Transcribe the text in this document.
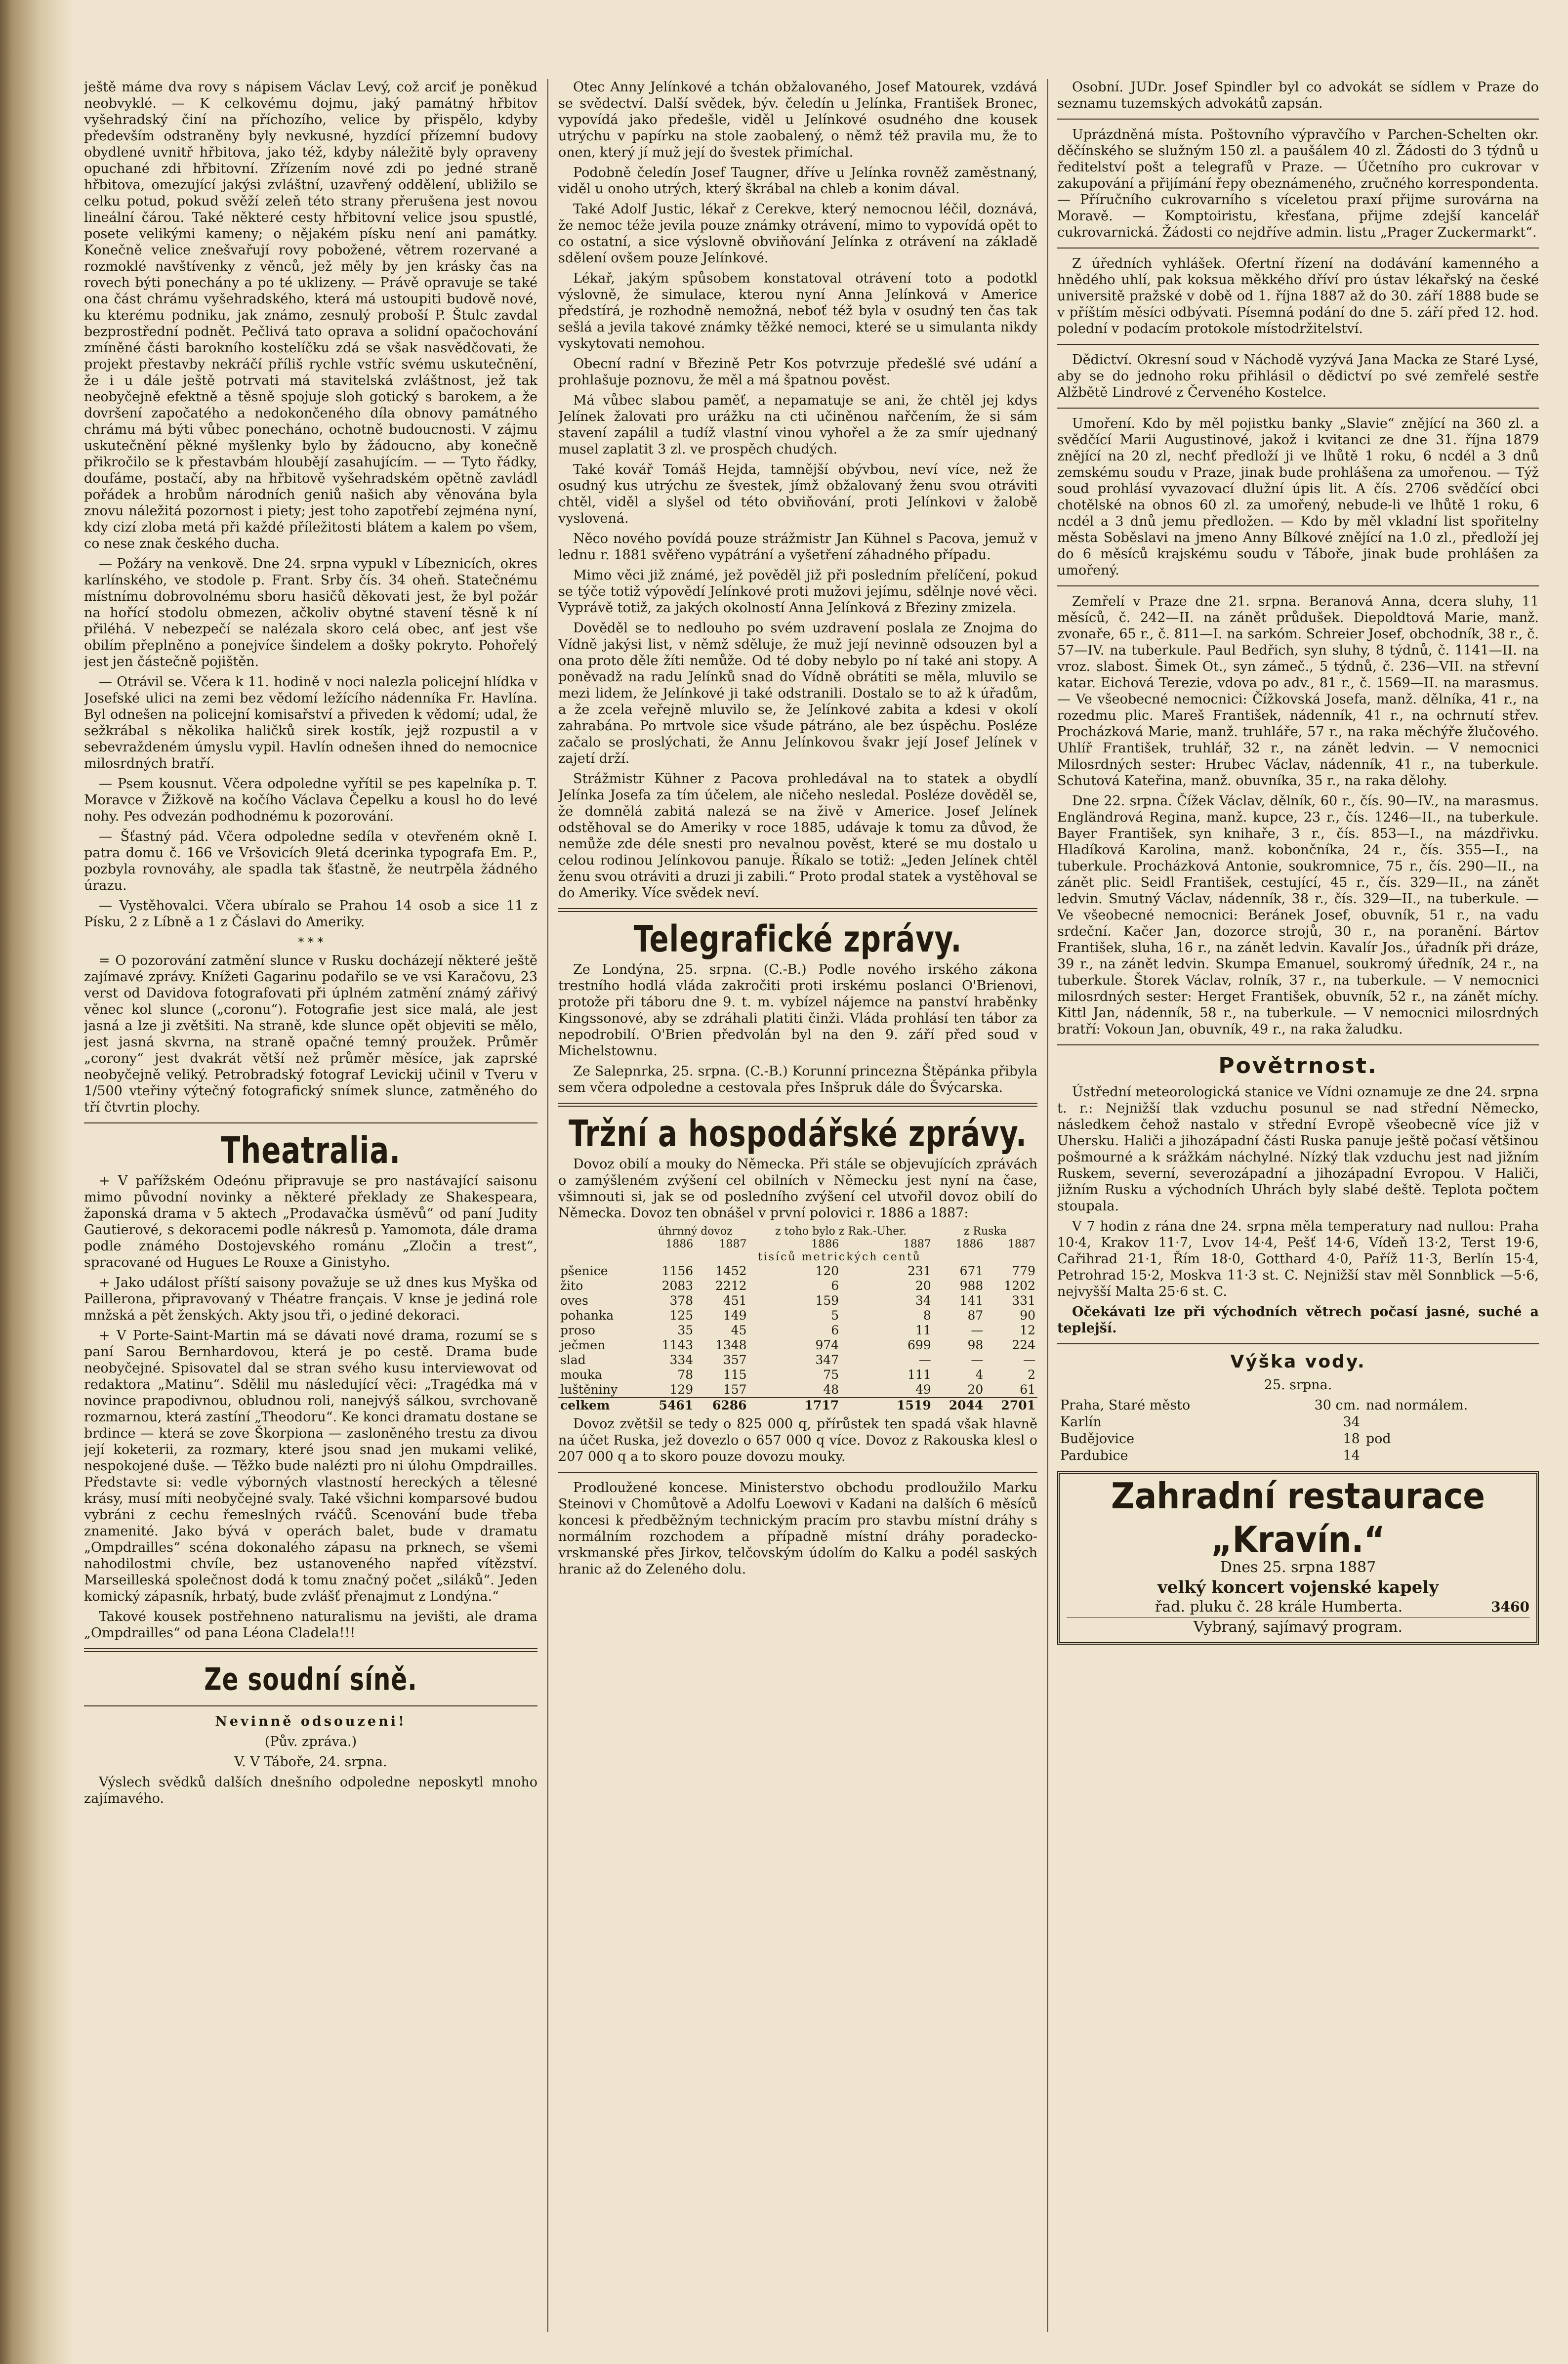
ještě máme dva rovy s nápisem Václav Levý, což arciť je poněkud neobvyklé. — K celkovému dojmu, jaký památný hřbitov vyšehradský činí na příchozího, velice by přispělo, kdyby především odstraněny byly nevkusné, hyzdící přízemní budovy obydlené uvnitř hřbitova, jako též, kdyby náležitě byly opraveny opuchané zdi hřbitovní. Zřízením nové zdi po jedné straně hřbitova, omezující jakýsi zvláštní, uzavřený oddělení, ubližilo se celku potud, pokud svěží zeleň této strany přerušena jest novou lineální čárou. Také některé cesty hřbitovní velice jsou spustlé, posete velikými kameny; o nějakém písku není ani památky. Konečně velice znešvařují rovy pobožené, větrem rozervané a rozmoklé navštívenky z věnců, jež měly by jen krásky čas na rovech býti ponechány a po té uklizeny. — Právě opravuje se také ona část chrámu vyšehradského, která má ustoupiti budově nové, ku kterému podniku, jak známo, zesnulý proboší P. Štulc zavdal bezprostřední podnět. Pečlivá tato oprava a solidní opačochování zmíněné části barokního kostelíčku zdá se však nasvědčovati, že projekt přestavby nekráčí příliš rychle vstříc svému uskutečnění, že i u dále ještě potrvati má stavitelská zvláštnost, jež tak neobyčejně efektně a těsně spojuje sloh gotický s barokem, a že dovršení započatého a nedokončeného díla obnovy památného chrámu má býti vůbec ponecháno, ochotně budoucnosti. V zájmu uskutečnění pěkné myšlenky bylo by žádoucno, aby konečně přikročilo se k přestavbám hloubějí zasahujícím. — — Tyto řádky, doufáme, postačí, aby na hřbitově vyšehradském opětně zavládl pořádek a hrobům národních geniů našich aby věnována byla znovu náležitá pozornost i piety; jest toho zapotřebí zejména nyní, kdy cizí zloba metá při každé příležitosti blátem a kalem po všem, co nese znak českého ducha.

— Požáry na venkově. Dne 24. srpna vypukl v Líbeznicích, okres karlínského, ve stodole p. Frant. Srby čís. 34 oheň. Statečnému místnímu dobrovolnému sboru hasičů děkovati jest, že byl požár na hořící stodolu obmezen, ačkoliv obytné stavení těsně k ní přiléhá. V nebezpečí se nalézala skoro celá obec, anť jest vše obilím přeplněno a ponejvíce šindelem a došky pokryto. Pohořelý jest jen částečně pojištěn.

— Otrávil se. Včera k 11. hodině v noci nalezla policejní hlídka v Josefské ulici na zemi bez vědomí ležícího nádenníka Fr. Havlína. Byl odnešen na policejní komisařství a přiveden k vědomí; udal, že sežkrábal s několika haličků sirek kostík, jejž rozpustil a v sebevraždeném úmyslu vypil. Havlín odnešen ihned do nemocnice milosrdných bratří.

— Psem kousnut. Včera odpoledne vyřítil se pes kapelníka p. T. Moravce v Žižkově na kočího Václava Čepelku a kousl ho do levé nohy. Pes odvezán podhodnému k pozorování.

— Šťastný pád. Včera odpoledne sedíla v otevřeném okně I. patra domu č. 166 ve Vršovicích 9letá dcerinka typografa Em. P., pozbyla rovnováhy, ale spadla tak šťastně, že neutrpěla žádného úrazu.

— Vystěhovalci. Včera ubíralo se Prahou 14 osob a sice 11 z Písku, 2 z Líbně a 1 z Čáslavi do Ameriky.

* * *

= O pozorování zatmění slunce v Rusku docházejí některé ještě zajímavé zprávy. Knížeti Gagarinu podařilo se ve vsi Karačovu, 23 verst od Davidova fotografovati při úplném zatmění známý zářivý věnec kol slunce („coronu“). Fotografie jest sice malá, ale jest jasná a lze ji zvětšiti. Na straně, kde slunce opět objeviti se mělo, jest jasná skvrna, na straně opačné temný proužek. Průměr „corony“ jest dvakrát větší než průměr měsíce, jak zaprské neobyčejně veliký. Petrobradský fotograf Levickij učinil v Tveru v 1/500 vteřiny výtečný fotografický snímek slunce, zatměného do tří čtvrtin plochy.

Theatralia.

+ V pařížském Odeónu připravuje se pro nastávající saisonu mimo původní novinky a některé překlady ze Shakespeara, žaponská drama v 5 aktech „Prodavačka úsměvů“ od paní Judity Gautierové, s dekoracemi podle nákresů p. Yamomota, dále drama podle známého Dostojevského románu „Zločin a trest“, spracované od Hugues Le Rouxe a Ginistyho.

+ Jako událost příští saisony považuje se už dnes kus Myška od Paillerona, připravovaný v Théatre français. V knse je jediná role mnžská a pět ženských. Akty jsou tři, o jediné dekoraci.

+ V Porte-Saint-Martin má se dávati nové drama, rozumí se s paní Sarou Bernhardovou, která je po cestě. Drama bude neobyčejné. Spisovatel dal se stran svého kusu interviewovat od redaktora „Matinu“. Sdělil mu následující věci: „Tragédka má v novince prapodivnou, obludnou roli, nanejvýš sálkou, svrchovaně rozmarnou, která zastíní „Theodoru“. Ke konci dramatu dostane se brdince — která se zove Škorpiona — zasloněného trestu za divou její koketerii, za rozmary, které jsou snad jen mukami veliké, nespokojené duše. — Těžko bude nalézti pro ni úlohu Ompdrailles. Představte si: vedle výborných vlastností hereckých a tělesné krásy, musí míti neobyčejné svaly. Také všichni komparsové budou vybráni z cechu řemeslných rváčů. Scenování bude třeba znamenité. Jako bývá v operách balet, bude v dramatu „Ompdrailles“ scéna dokonalého zápasu na prknech, se všemi nahodilostmi chvíle, bez ustanoveného napřed vítězství. Marseilleská společnost dodá k tomu značný počet „siláků“. Jeden komický zápasník, hrbatý, bude zvlášť přenajmut z Londýna.“

Takové kousek postřehneno naturalismu na jevišti, ale drama „Ompdrailles“ od pana Léona Cladela!!!

Ze soudní síně.

Nevinně odsouzeni!

(Pův. zpráva.)

V. V Táboře, 24. srpna.

Výslech svědků dalších dnešního odpoledne neposkytl mnoho zajímavého.

Otec Anny Jelínkové a tchán obžalovaného, Josef Matourek, vzdává se svědectví. Další svědek, býv. čeledín u Jelínka, František Bronec, vypovídá jako předešle, viděl u Jelínkové osudného dne kousek utrýchu v papírku na stole zaobalený, o němž též pravila mu, že to onen, který jí muž její do švestek přimíchal.

Podobně čeledín Josef Taugner, dříve u Jelínka rovněž zaměstnaný, viděl u onoho utrých, který škrábal na chleb a konim dával.

Také Adolf Justic, lékař z Cerekve, který nemocnou léčil, doznává, že nemoc téže jevila pouze známky otrávení, mimo to vypovídá opět to co ostatní, a sice výslovně obviňování Jelínka z otrávení na základě sdělení ovšem pouze Jelínkové.

Lékař, jakým spůsobem konstatoval otrávení toto a podotkl výslovně, že simulace, kterou nyní Anna Jelínková v Americe předstírá, je rozhodně nemožná, neboť též byla v osudný ten čas tak sešlá a jevila takové známky těžké nemoci, které se u simulanta nikdy vyskytovati nemohou.

Obecní radní v Březině Petr Kos potvrzuje předešlé své udání a prohlašuje poznovu, že měl a má špatnou pověst.

Má vůbec slabou paměť, a nepamatuje se ani, že chtěl jej kdys Jelínek žalovati pro urážku na cti učiněnou nařčením, že si sám stavení zapálil a tudíž vlastní vinou vyhořel a že za smír ujednaný musel zaplatit 3 zl. ve prospěch chudých.

Také kovář Tomáš Hejda, tamnější obývbou, neví více, než že osudný kus utrýchu ze švestek, jímž obžalovaný ženu svou otráviti chtěl, viděl a slyšel od této obviňování, proti Jelínkovi v žalobě vyslovená.

Něco nového povídá pouze strážmistr Jan Kühnel s Pacova, jemuž v lednu r. 1881 svěřeno vypátrání a vyšetření záhadného případu.

Mimo věci již známé, jež pověděl již při posledním přelíčení, pokud se týče totiž výpovědí Jelínkové proti mužovi jejímu, sdělnje nové věci. Vyprávě totiž, za jakých okolností Anna Jelínková z Březiny zmizela.

Dověděl se to nedlouho po svém uzdravení poslala ze Znojma do Vídně jakýsi list, v němž sděluje, že muž její nevinně odsouzen byl a ona proto děle žíti nemůže. Od té doby nebylo po ní také ani stopy. A poněvadž na radu Jelínků snad do Vídně obrátiti se měla, mluvilo se mezi lidem, že Jelínkové ji také odstranili. Dostalo se to až k úřadům, a že zcela veřejně mluvilo se, že Jelínkové zabita a kdesi v okolí zahrabána. Po mrtvole sice všude pátráno, ale bez úspěchu. Posléze začalo se proslýchati, že Annu Jelínkovou švakr její Josef Jelínek v zajetí drží.

Strážmistr Kühner z Pacova prohledával na to statek a obydlí Jelínka Josefa za tím účelem, ale ničeho nesledal. Posléze dověděl se, že domnělá zabitá nalezá se na živě v Americe. Josef Jelínek odstěhoval se do Ameriky v roce 1885, udávaje k tomu za důvod, že nemůže zde déle snesti pro nevalnou pověst, které se mu dostalo u celou rodinou Jelínkovou panuje. Říkalo se totiž: „Jeden Jelínek chtěl ženu svou otráviti a druzi ji zabili.“ Proto prodal statek a vystěhoval se do Ameriky. Více svědek neví.

Telegrafické zprávy.

Ze Londýna, 25. srpna. (C.-B.) Podle nového irského zákona trestního hodlá vláda zakročiti proti irskému poslanci O'Brienovi, protože při táboru dne 9. t. m. vybízel nájemce na panství hraběnky Kingssonové, aby se zdráhali platiti činži. Vláda prohlásí ten tábor za nepodrobilí. O'Brien předvolán byl na den 9. září před soud v Michelstownu.

Ze Salepnrka, 25. srpna. (C.-B.) Korunní princezna Štěpánka přibyla sem včera odpoledne a cestovala přes Inšpruk dále do Švýcarska.

Tržní a hospodářské zprávy.

Dovoz obilí a mouky do Německa. Při stále se objevujících zprávách o zamýšleném zvýšení cel obilních v Německu jest nyní na čase, všimnouti si, jak se od posledního zvýšení cel utvořil dovoz obilí do Německa. Dovoz ten obnášel v první polovici r. 1886 a 1887:

	úhrnný dovoz		z toho bylo z Rak.-Uher.		z Ruska	
	1886	1887	1886	1887	1886	1887
	tisíců metrických centů					
pšenice	1156	1452	120	231	671	779
žito	2083	2212	6	20	988	1202
oves	378	451	159	34	141	331
pohanka	125	149	5	8	87	90
proso	35	45	6	11	—	12
ječmen	1143	1348	974	699	98	224
slad	334	357	347	—	—	—
mouka	78	115	75	111	4	2
luštěniny	129	157	48	49	20	61
celkem	5461	6286	1717	1519	2044	2701

Dovoz zvětšil se tedy o 825 000 q, přírůstek ten spadá však hlavně na účet Ruska, jež dovezlo o 657 000 q více. Dovoz z Rakouska klesl o 207 000 q a to skoro pouze dovozu mouky.

Prodloužené koncese. Ministerstvo obchodu prodloužilo Marku Steinovi v Chomůtově a Adolfu Loewovi v Kadani na dalších 6 měsíců koncesi k předběžným technickým pracím pro stavbu místní dráhy s normálním rozchodem a případně místní dráhy poradecko-vrskmanské přes Jirkov, telčovským údolím do Kalku a podél saských hranic až do Zeleného dolu.

Osobní. JUDr. Josef Spindler byl co advokát se sídlem v Praze do seznamu tuzemských advokátů zapsán.

Uprázdněná místa. Poštovního výpravčího v Parchen-Schelten okr. děčínského se služným 150 zl. a paušálem 40 zl. Žádosti do 3 týdnů u ředitelství pošt a telegrafů v Praze. — Účetního pro cukrovar v zakupování a přijímání řepy obeznámeného, zručného korrespondenta. — Příručního cukrovarního s víceletou praxí přijme surovárna na Moravě. — Komptoiristu, křesťana, přijme zdejší kancelář cukrovarnická. Žádosti co nejdříve admin. listu „Prager Zuckermarkt“.

Z úředních vyhlášek. Ofertní řízení na dodávání kamenného a hnědého uhlí, pak koksua měkkého dříví pro ústav lékařský na české universitě pražské v době od 1. října 1887 až do 30. září 1888 bude se v příštím měsíci odbývati. Písemná podání do dne 5. září před 12. hod. polední v podacím protokole místodržitelství.

Dědictví. Okresní soud v Náchodě vyzývá Jana Macka ze Staré Lysé, aby se do jednoho roku přihlásil o dědictví po své zemřelé sestře Alžbětě Lindrové z Červeného Kostelce.

Umoření. Kdo by měl pojistku banky „Slavie“ znějící na 360 zl. a svědčící Marii Augustinové, jakož i kvitanci ze dne 31. října 1879 znějící na 20 zl, nechť předloží ji ve lhůtě 1 roku, 6 ncdél a 3 dnů zemskému soudu v Praze, jinak bude prohlášena za umořenou. — Týž soud prohlásí vyvazovací dlužní úpis lit. A čís. 2706 svědčící obci chotělské na obnos 60 zl. za umořený, nebude-li ve lhůtě 1 roku, 6 ncdél a 3 dnů jemu předložen. — Kdo by měl vkladní list spořitelny města Soběslavi na jmeno Anny Bílkové znějící na 1.0 zl., předloží jej do 6 měsíců krajskému soudu v Táboře, jinak bude prohlášen za umořený.

Zemřelí v Praze dne 21. srpna. Beranová Anna, dcera sluhy, 11 měsíců, č. 242—II. na zánět průdušek. Diepoldtová Marie, manž. zvonaře, 65 r., č. 811—I. na sarkóm. Schreier Josef, obchodník, 38 r., č. 57—IV. na tuberkule. Paul Bedřich, syn sluhy, 8 týdnů, č. 1141—II. na vroz. slabost. Šimek Ot., syn zámeč., 5 týdnů, č. 236—VII. na střevní katar. Eichová Terezie, vdova po adv., 81 r., č. 1569—II. na marasmus. — Ve všeobecné nemocnici: Čížkovská Josefa, manž. dělníka, 41 r., na rozedmu plic. Mareš František, nádenník, 41 r., na ochrnutí střev. Procházková Marie, manž. truhláře, 57 r., na raka měchýře žlučového. Uhlíř František, truhlář, 32 r., na zánět ledvin. — V nemocnici Milosrdných sester: Hrubec Václav, nádenník, 41 r., na tuberkule. Schutová Kateřina, manž. obuvníka, 35 r., na raka dělohy.

Dne 22. srpna. Čížek Václav, dělník, 60 r., čís. 90—IV., na marasmus. Engländrová Regina, manž. kupce, 23 r., čís. 1246—II., na tuberkule. Bayer František, syn knihaře, 3 r., čís. 853—I., na mázdřivku. Hladíková Karolina, manž. kobončníka, 24 r., čís. 355—I., na tuberkule. Procházková Antonie, soukromnice, 75 r., čís. 290—II., na zánět plic. Seidl František, cestující, 45 r., čís. 329—II., na zánět ledvin. Smutný Václav, nádenník, 38 r., čís. 329—II., na tuberkule. — Ve všeobecné nemocnici: Beránek Josef, obuvník, 51 r., na vadu srdeční. Kačer Jan, dozorce strojů, 30 r., na poranění. Bártov František, sluha, 16 r., na zánět ledvin. Kavalír Jos., úřadník při dráze, 39 r., na zánět ledvin. Skumpa Emanuel, soukromý úředník, 24 r., na tuberkule. Štorek Václav, rolník, 37 r., na tuberkule. — V nemocnici milosrdných sester: Herget František, obuvník, 52 r., na zánět míchy. Kittl Jan, nádenník, 58 r., na tuberkule. — V nemocnici milosrdných bratří: Vokoun Jan, obuvník, 49 r., na raka žaludku.

Povětrnost.

Ústřední meteorologická stanice ve Vídni oznamuje ze dne 24. srpna t. r.: Nejnižší tlak vzduchu posunul se nad střední Německo, následkem čehož nastalo v střední Evropě všeobecně více již v Uhersku. Haliči a jihozápadní části Ruska panuje ještě počasí většinou pošmourné a k srážkám náchylné. Nízký tlak vzduchu jest nad jižním Ruskem, severní, severozápadní a jihozápadní Evropou. V Haliči, jižním Rusku a východních Uhrách byly slabé deště. Teplota počtem stoupala.

V 7 hodin z rána dne 24. srpna měla temperatury nad nullou: Praha 10·4, Krakov 11·7, Lvov 14·4, Pešť 14·6, Vídeň 13·2, Terst 19·6, Cařihrad 21·1, Řím 18·0, Gotthard 4·0, Paříž 11·3, Berlín 15·4, Petrohrad 15·2, Moskva 11·3 st. C. Nejnižší stav měl Sonnblick —5·6, nejvyšší Malta 25·6 st. C.

Očekávati lze při východních větrech počasí jasné, suché a teplejší.

Výška vody.

25. srpna.

Praha, Staré město	30 cm.	nad normálem.
Karlín	34	
Budějovice	18	pod
Pardubice	14	
Zahradní restaurace „Kravín.“
Dnes 25. srpna 1887
velký koncert vojenské kapely
řad. pluku č. 28 krále Humberta.	3460
Vybraný, sajímavý program.
